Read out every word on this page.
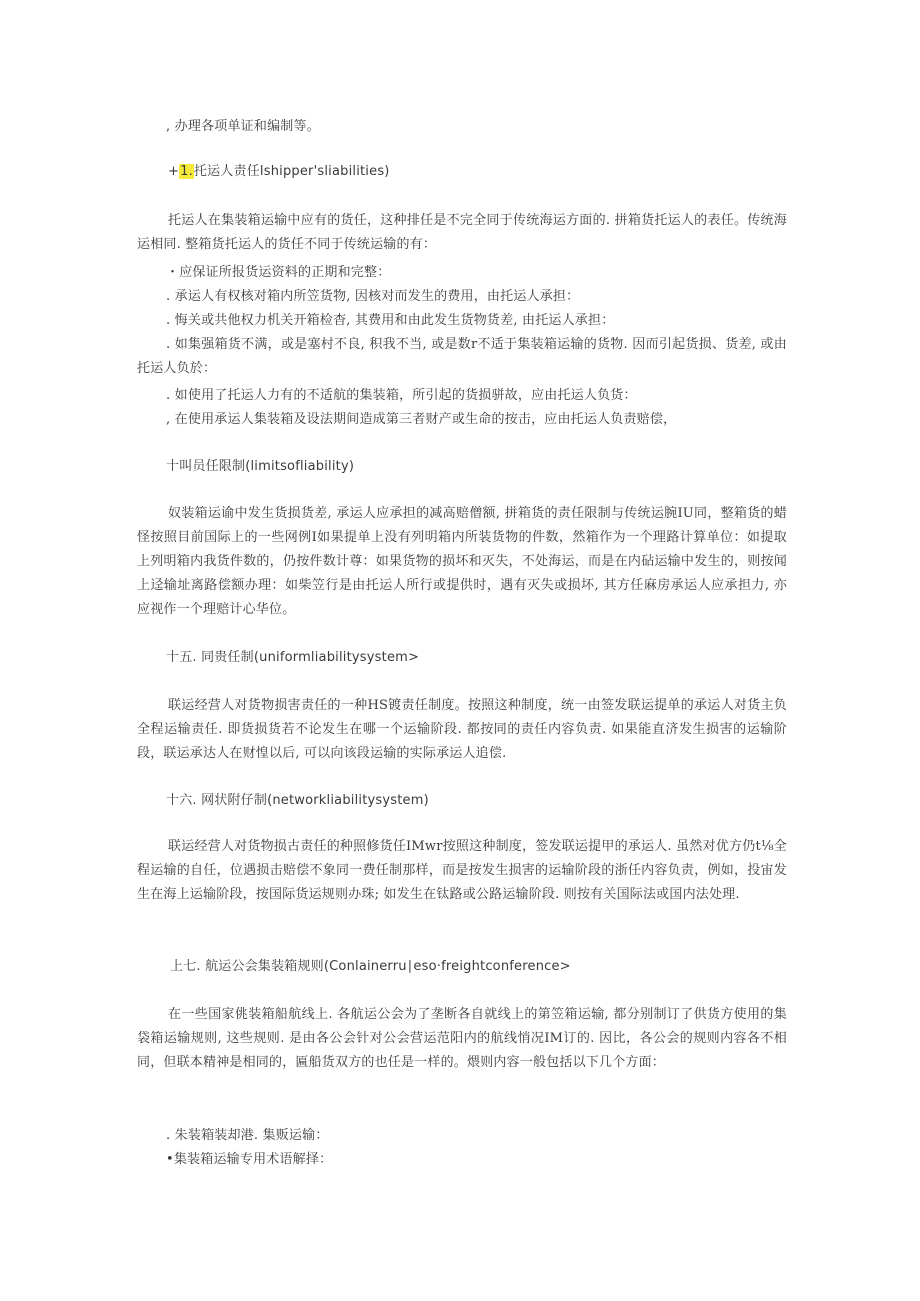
, 办理各项单证和编制等。
+1.托运人责任lshipper'sliabilities)
托运人在集装箱运输中应有的货任，这种排任是不完全同于传统海运方面的. 拼箱货托运人的表任。传统海运相同. 整箱货托运人的货任不同于传统运输的有：
・应保证所报货运资料的正期和完整：
. 承运人有权核对箱内所笠货物, 因核对而发生的费用，由托运人承担：
. 悔关或共他权力机关开箱检杳, 其费用和由此发生货物货差, 由托运人承担：
. 如集强箱货不满，或是塞村不良, 积我不当, 或是数r不适于集装箱运输的货物. 因而引起货损、货差, 或由托运人负於：
. 如使用了托运人力有的不适航的集装箱，所引起的货损骈故，应由托运人负货：
, 在使用承运人集装箱及设法期间造成第三者财产或生命的按击，应由托运人负责赔偿，
十叫员任限制(limitsofliability)
奴装箱运谕中发生货损货差, 承运人应承担的减高赔僧额, 拼箱货的责任限制与传统运腕IU同，整箱货的蜡怪按照目前国际上的一些网例I如果提单上没有列明箱内所装货物的件数，然箱作为一个理路计算单位：如提取上列明箱内我货件数的，仍按件数计尊：如果货物的损坏和灭失，不处海运，而是在内砧运输中发生的，则按闻上迳输址离路偿额办理：如柴笠行是由托运人所行或提供时，遇有灭失或损坏, 其方任麻房承运人应承担力, 亦应视作一个理赔计心华位。
十五. 同贵任制(uniformliabilitysystem>
联运经营人对货物损害责任的一种HS镀责任制度。按照这种制度，统一由签发联运提单的承运人对货主负全程运输责任. 即货损货若不论发生在哪一个运输阶段. 都按同的责任内容负责. 如果能直济发生损害的运输阶段，联运承达人在财惶以后, 可以向该段运输的实际承运人追偿.
十六. 网状附仔制(networkliabilitysystem)
联运经营人对货物损古责任的种照修货任IMwr按照这种制度，签发联运提甲的承运人. 虽然对优方仍t⅛全程运输的自任，位遇损击赔偿不象同一费任制那样，而是按发生损害的运输阶段的浙任内容负责，例如，投宙发生在海上运输阶段，按国际货运规则办珠; 如发生在钛路或公路运输阶段. 则按有关国际法或国内法处理.
上七. 航运公会集装箱规则(Conlainerru∣eso·freightconference>
在一些国家佻装箱船航线上. 各航运公会为了垄断各自就线上的第笠箱运输, 都分别制订了供货方使用的集袋箱运输规则, 这些规则. 是由各公会针对公会营运范阳内的航线悄况IM订的. 因比，各公会的规则内容各不相同，但联本精神是相同的，匾船货双方的也任是一样的。煨则内容一般包括以下几个方面：
. 朱装箱装却港. 集贩运输：
•集装箱运输专用术语解择：
